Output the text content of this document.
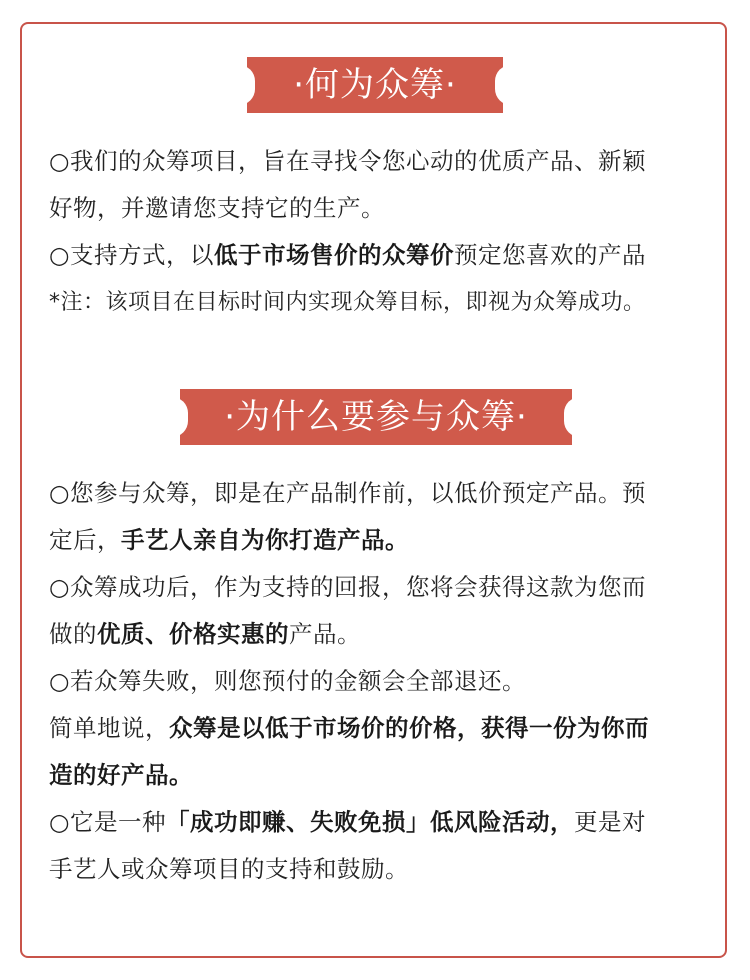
·何为众筹·
○我们的众筹项目，旨在寻找令您心动的优质产品、新颖
好物，并邀请您支持它的生产。
○支持方式，以低于市场售价的众筹价预定您喜欢的产品
*注：该项目在目标时间内实现众筹目标，即视为众筹成功。
·为什么要参与众筹·
○您参与众筹，即是在产品制作前，以低价预定产品。预
定后，手艺人亲自为你打造产品。
○众筹成功后，作为支持的回报，您将会获得这款为您而
做的优质、价格实惠的产品。
○若众筹失败，则您预付的金额会全部退还。
简单地说，众筹是以低于市场价的价格，获得一份为你而
造的好产品。
○它是一种「成功即赚、失败免损」低风险活动，更是对
手艺人或众筹项目的支持和鼓励。
